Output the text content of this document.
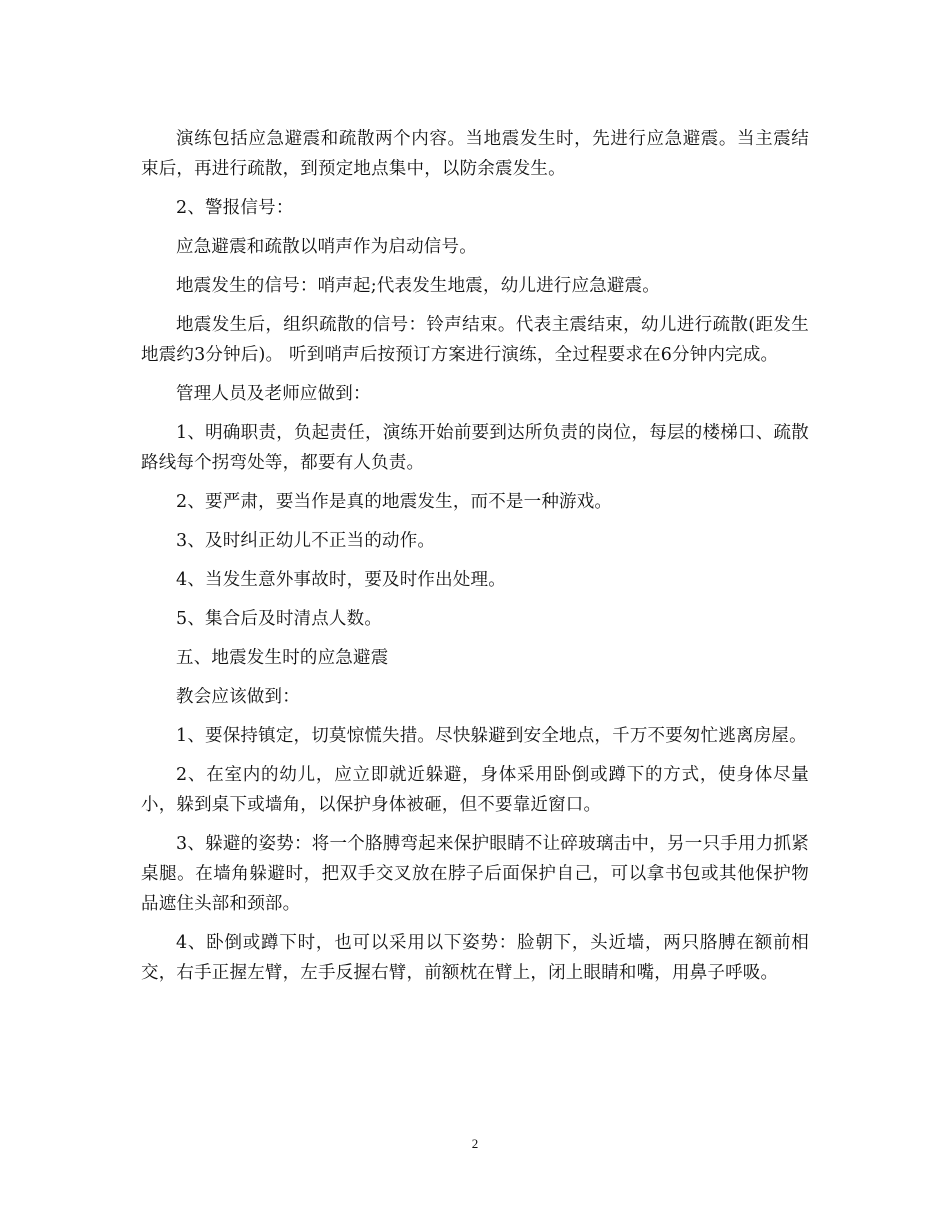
演练包括应急避震和疏散两个内容。当地震发生时，先进行应急避震。当主震结束后，再进行疏散，到预定地点集中，以防余震发生。

2、警报信号：

应急避震和疏散以哨声作为启动信号。

地震发生的信号：哨声起;代表发生地震，幼儿进行应急避震。

地震发生后，组织疏散的信号：铃声结束。代表主震结束，幼儿进行疏散(距发生地震约3分钟后)。 听到哨声后按预订方案进行演练，全过程要求在6分钟内完成。

管理人员及老师应做到：

1、明确职责，负起责任，演练开始前要到达所负责的岗位，每层的楼梯口、疏散路线每个拐弯处等，都要有人负责。

2、要严肃，要当作是真的地震发生，而不是一种游戏。

3、及时纠正幼儿不正当的动作。

4、当发生意外事故时，要及时作出处理。

5、集合后及时清点人数。

五、地震发生时的应急避震

教会应该做到：

1、要保持镇定，切莫惊慌失措。尽快躲避到安全地点，千万不要匆忙逃离房屋。

2、在室内的幼儿，应立即就近躲避，身体采用卧倒或蹲下的方式，使身体尽量小，躲到桌下或墙角，以保护身体被砸，但不要靠近窗口。

3、躲避的姿势：将一个胳膊弯起来保护眼睛不让碎玻璃击中，另一只手用力抓紧桌腿。在墙角躲避时，把双手交叉放在脖子后面保护自己，可以拿书包或其他保护物品遮住头部和颈部。

4、卧倒或蹲下时，也可以采用以下姿势：脸朝下，头近墙，两只胳膊在额前相交，右手正握左臂，左手反握右臂，前额枕在臂上，闭上眼睛和嘴，用鼻子呼吸。

2
